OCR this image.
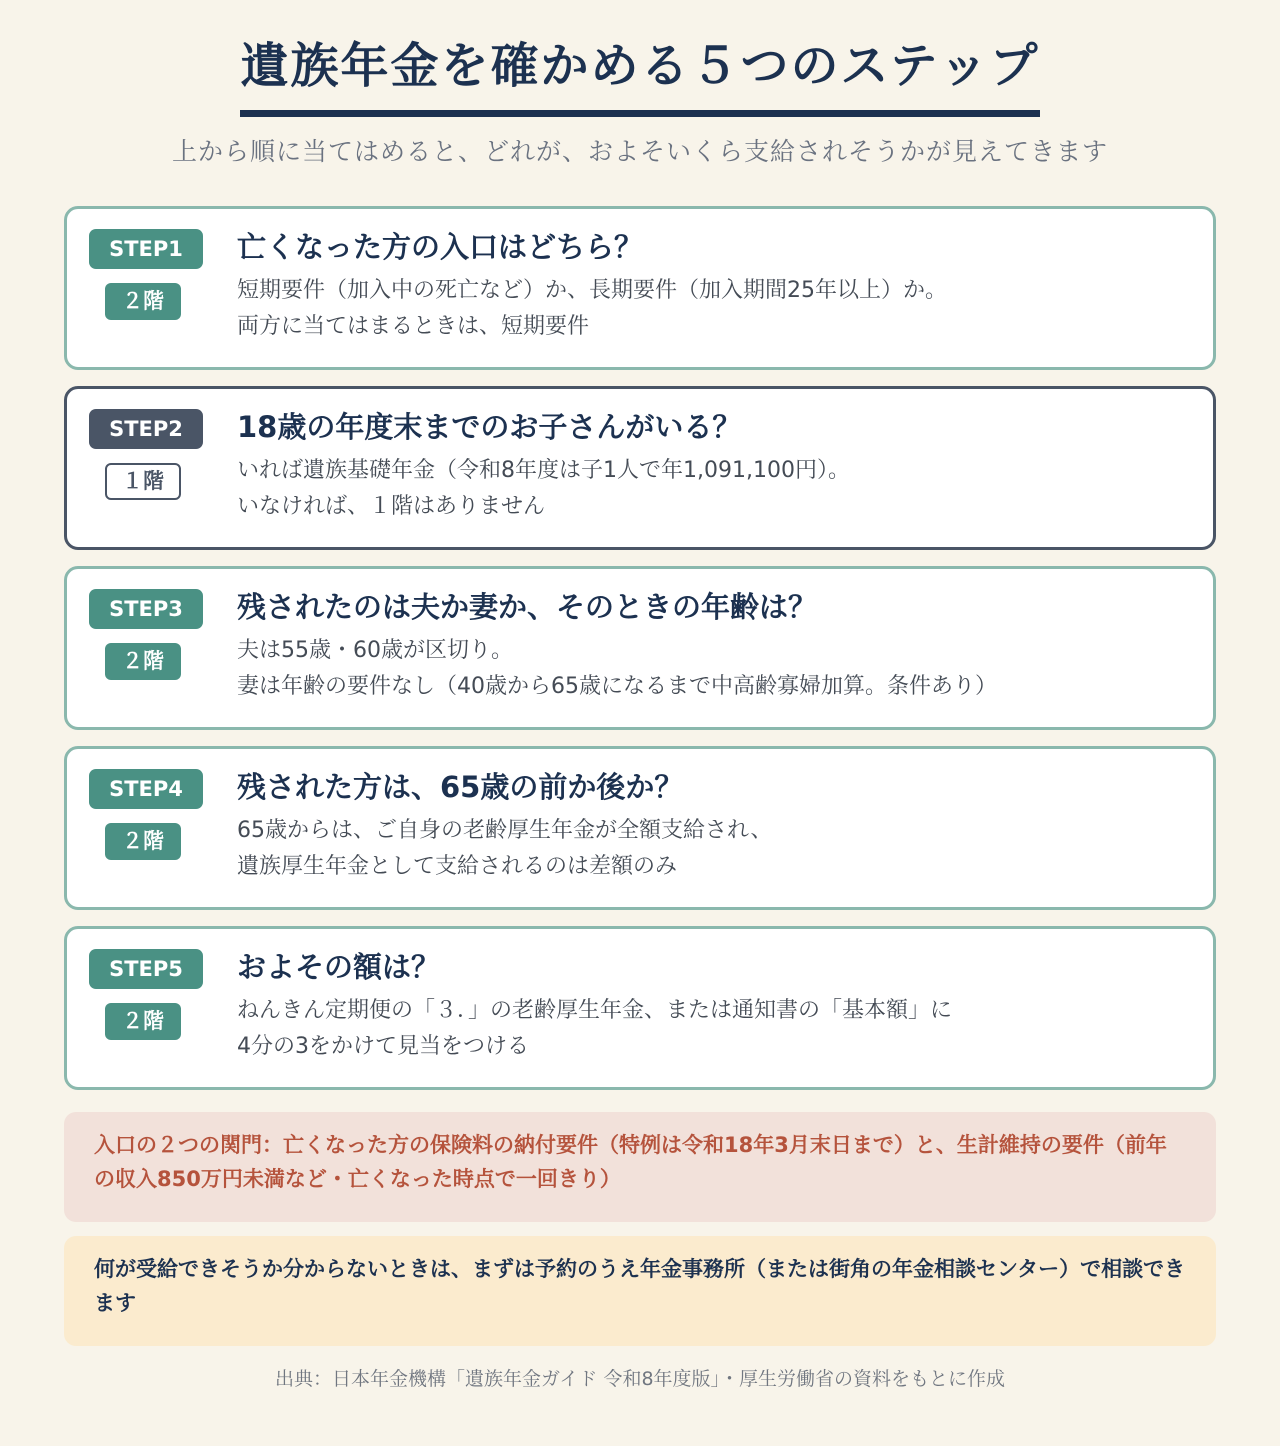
遺族年金を確かめる５つのステップ
上から順に当てはめると、どれが、およそいくら支給されそうかが見えてきます
STEP1
２階
亡くなった方の入口はどちら？
短期要件（加入中の死亡など）か、長期要件（加入期間25年以上）か。
両方に当てはまるときは、短期要件
STEP2
１階
18歳の年度末までのお子さんがいる？
いれば遺族基礎年金（令和8年度は子1人で年1,091,100円）。
いなければ、１階はありません
STEP3
２階
残されたのは夫か妻か、そのときの年齢は？
夫は55歳・60歳が区切り。
妻は年齢の要件なし（40歳から65歳になるまで中高齢寡婦加算。条件あり）
STEP4
２階
残された方は、65歳の前か後か？
65歳からは、ご自身の老齢厚生年金が全額支給され、
遺族厚生年金として支給されるのは差額のみ
STEP5
２階
およその額は？
ねんきん定期便の「３．」の老齢厚生年金、または通知書の「基本額」に
4分の3をかけて見当をつける
入口の２つの関門：亡くなった方の保険料の納付要件（特例は令和18年3月末日まで）と、生計維持の要件（前年の収入850万円未満など・亡くなった時点で一回きり）
何が受給できそうか分からないときは、まずは予約のうえ年金事務所（または街角の年金相談センター）で相談できます
出典：日本年金機構「遺族年金ガイド 令和8年度版」・厚生労働省の資料をもとに作成
